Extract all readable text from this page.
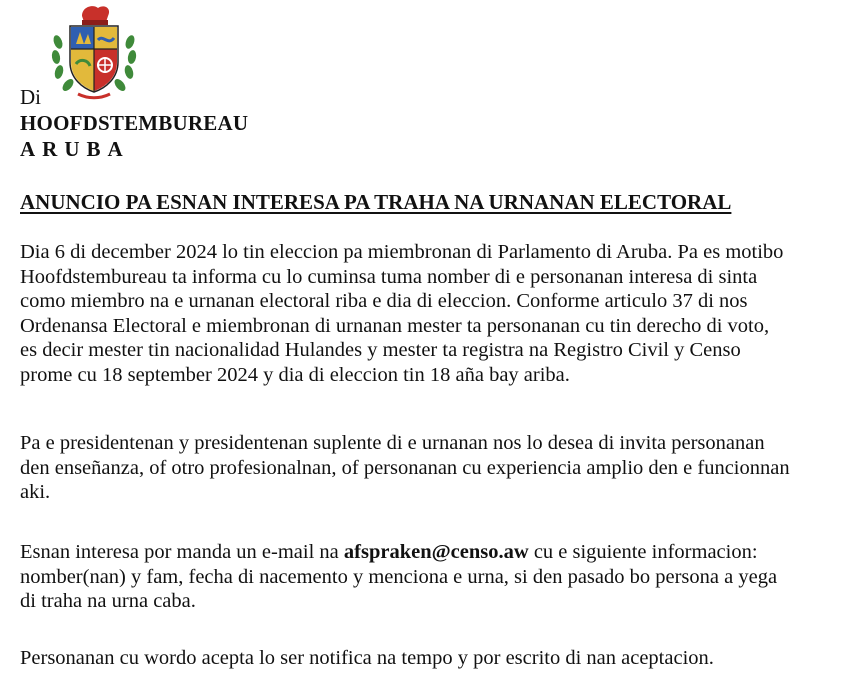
Di
HOOFDSTEMBUREAU
ARUBA
ANUNCIO PA ESNAN INTERESA PA TRAHA NA URNANAN ELECTORAL

Dia 6 di december 2024 lo tin eleccion pa miembronan di Parlamento di Aruba. Pa es motibo
Hoofdstembureau ta informa cu lo cuminsa tuma nomber di e personanan interesa di sinta
como miembro na e urnanan electoral riba e dia di eleccion. Conforme articulo 37 di nos
Ordenansa Electoral e miembronan di urnanan mester ta personanan cu tin derecho di voto,
es decir mester tin nacionalidad Hulandes y mester ta registra na Registro Civil y Censo
prome cu 18 september 2024 y dia di eleccion tin 18 aña bay ariba.

Pa e presidentenan y presidentenan suplente di e urnanan nos lo desea di invita personanan
den enseñanza, of otro profesionalnan, of personanan cu experiencia amplio den e funcionnan
aki.

Esnan interesa por manda un e-mail na afspraken@censo.aw cu e siguiente informacion:
nomber(nan) y fam, fecha di nacemento y menciona e urna, si den pasado bo persona a yega
di traha na urna caba.

Personanan cu wordo acepta lo ser notifica na tempo y por escrito di nan aceptacion.
